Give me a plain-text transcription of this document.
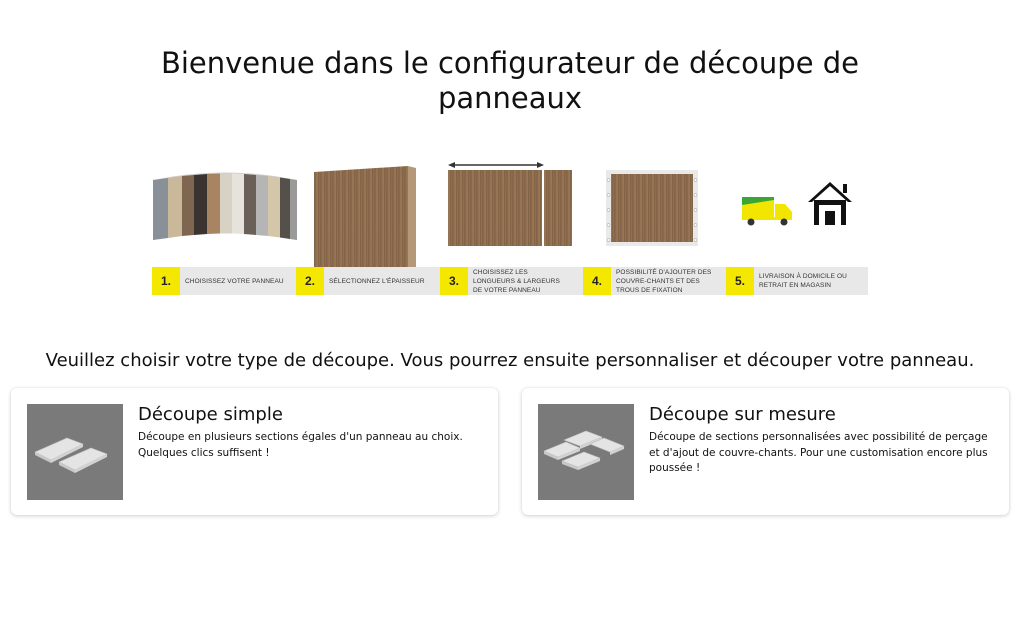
Bienvenue dans le configurateur de découpe de panneaux
1.	CHOISISSEZ VOTRE PANNEAU	2.	SÉLECTIONNEZ L'ÉPAISSEUR	3.
CHOISISSEZ LES LONGUEURS & LARGEURS DE VOTRE PANNEAU
4.
POSSIBILITÉ D'AJOUTER DES COUVRE-CHANTS ET DES TROUS DE FIXATION
5.	LIVRAISON À DOMICILE OU RETRAIT EN MAGASIN
Veuillez choisir votre type de découpe. Vous pourrez ensuite personnaliser et découper votre panneau.
Découpe simple
Découpe en plusieurs sections égales d'un panneau au choix. Quelques clics suffisent !
Découpe sur mesure
Découpe de sections personnalisées avec possibilité de perçage et d'ajout de couvre-chants. Pour une customisation encore plus poussée !
